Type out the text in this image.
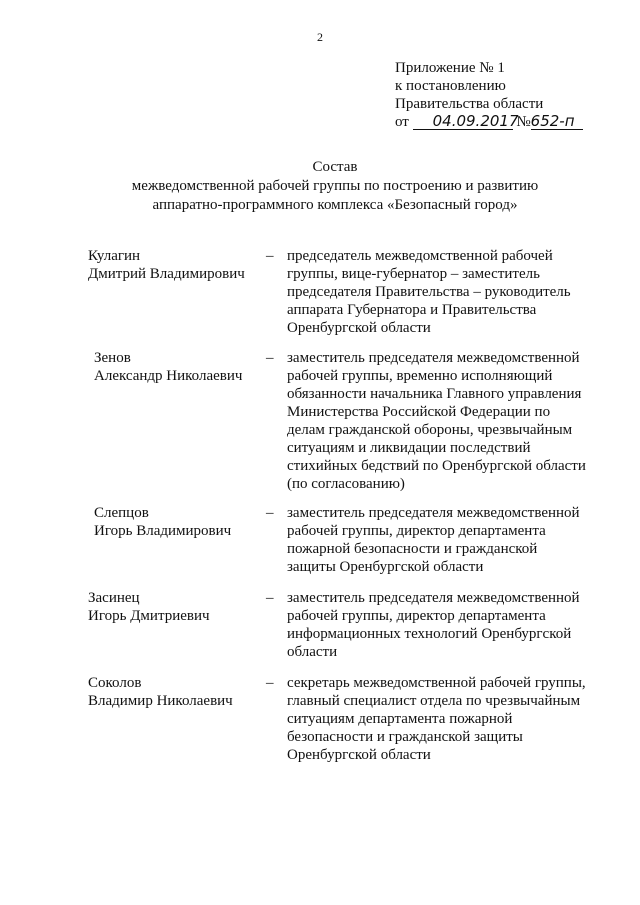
2
Приложение № 1
к постановлению
Правительства области
от 04.09.2017 №652-п
Состав
межведомственной рабочей группы по построению и развитию
аппаратно-программного комплекса «Безопасный город»
Кулагин
Дмитрий Владимирович
– председатель межведомственной рабочей группы, вице-губернатор – заместитель председателя Правительства – руководитель аппарата Губернатора и Правительства Оренбургской области
Зенов
Александр Николаевич
– заместитель председателя межведомственной рабочей группы, временно исполняющий обязанности начальника Главного управления Министерства Российской Федерации по делам гражданской обороны, чрезвычайным ситуациям и ликвидации последствий стихийных бедствий по Оренбургской области (по согласованию)
Слепцов
Игорь Владимирович
– заместитель председателя межведомственной рабочей группы, директор департамента пожарной безопасности и гражданской защиты Оренбургской области
Засинец
Игорь Дмитриевич
– заместитель председателя межведомственной рабочей группы, директор департамента информационных технологий Оренбургской области
Соколов
Владимир Николаевич
– секретарь межведомственной рабочей группы, главный специалист отдела по чрезвычайным ситуациям департамента пожарной безопасности и гражданской защиты Оренбургской области
